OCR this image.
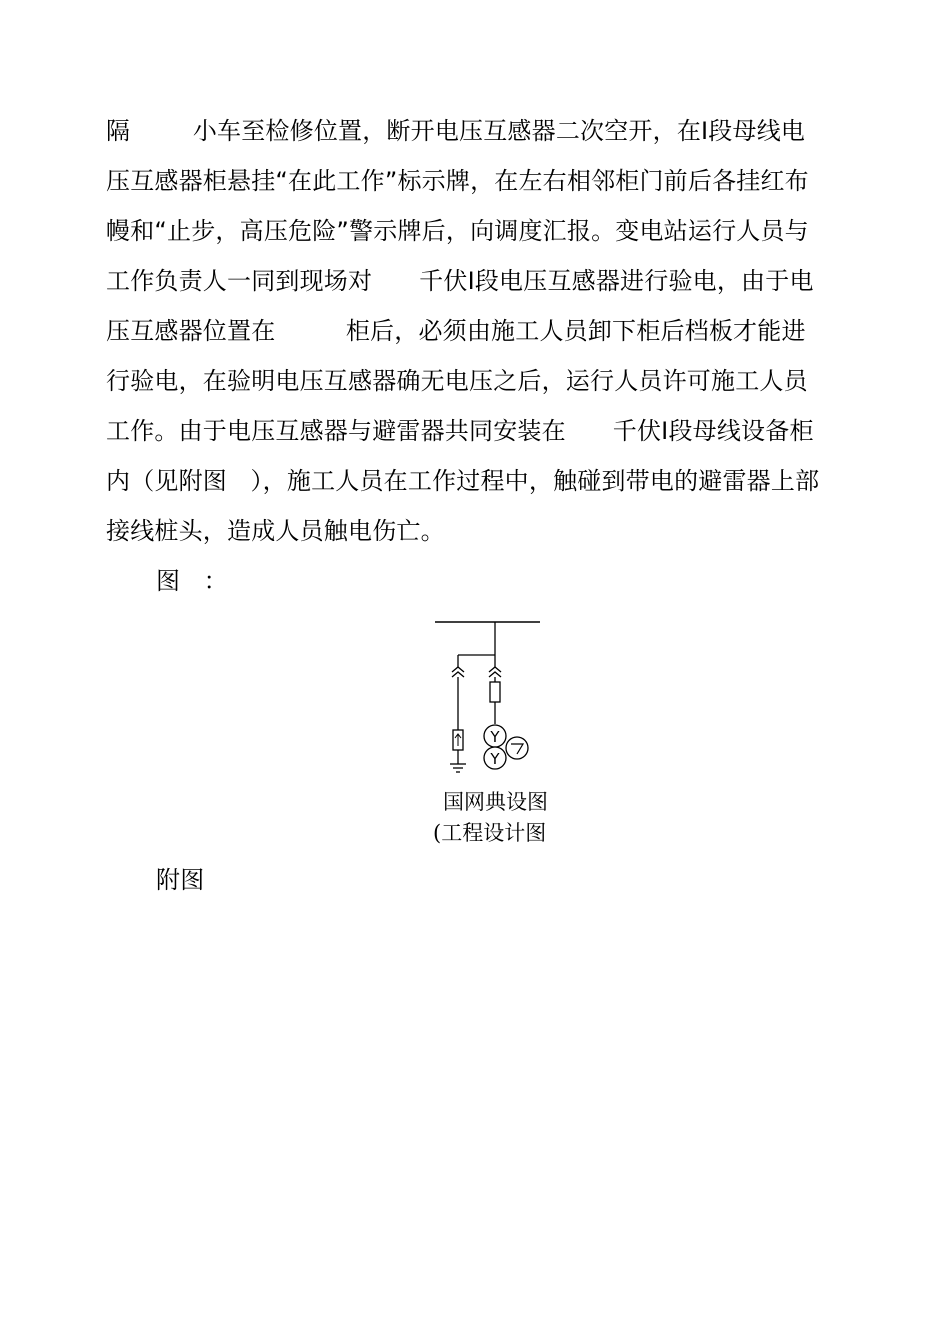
隔        小车至检修位置，断开电压互感器二次空开，在I段母线电
压互感器柜悬挂“在此工作”标示牌，在左右相邻柜门前后各挂红布
幔和“止步，高压危险”警示牌后，向调度汇报。变电站运行人员与
工作负责人一同到现场对      千伏I段电压互感器进行验电，由于电
压互感器位置在         柜后，必须由施工人员卸下柜后档板才能进
行验电，在验明电压互感器确无电压之后，运行人员许可施工人员
工作。由于电压互感器与避雷器共同安装在      千伏I段母线设备柜
内（见附图   ），施工人员在工作过程中，触碰到带电的避雷器上部
接线桩头，造成人员触电伤亡。
图   ：
Y
Y
国网典设图
(工程设计图
附图
